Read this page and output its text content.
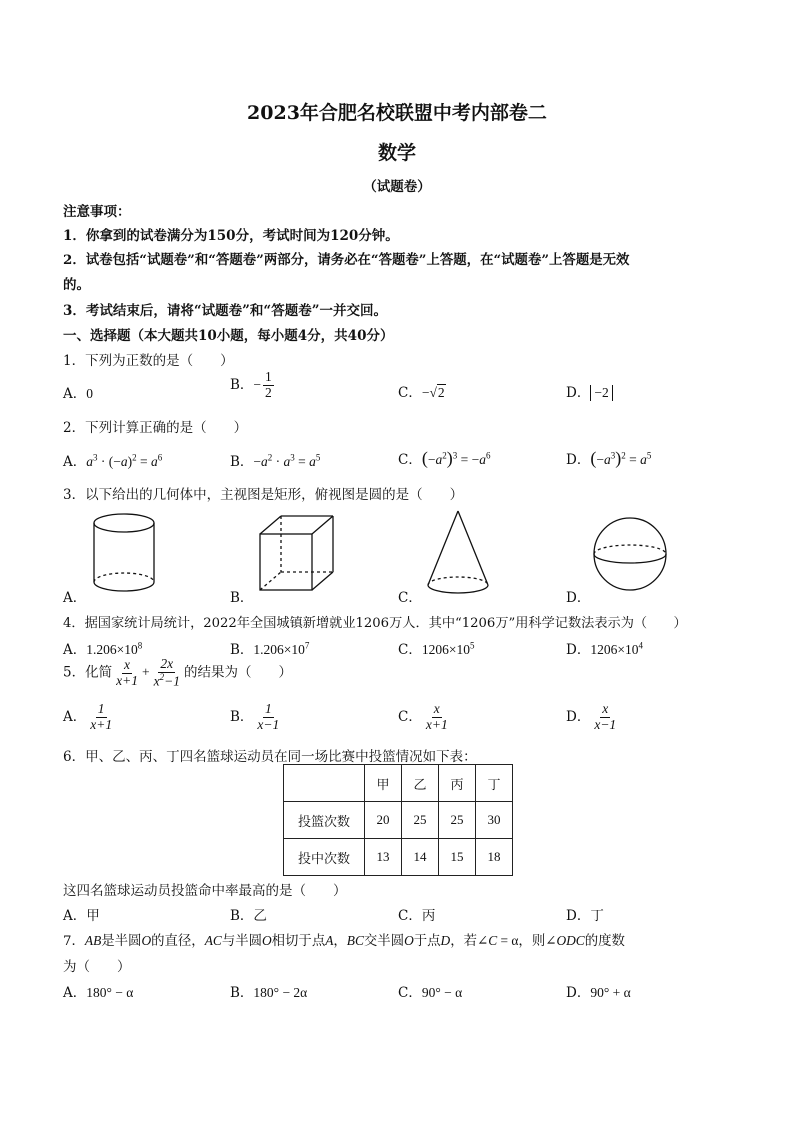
2023年合肥名校联盟中考内部卷二
数学
（试题卷）
注意事项：
1．你拿到的试卷满分为150分，考试时间为120分钟。
2．试卷包括“试题卷”和“答题卷”两部分，请务必在“答题卷”上答题，在“试题卷”上答题是无效
的。
3．考试结束后，请将“试题卷”和“答题卷”一并交回。
一、选择题（本大题共10小题，每小题4分，共40分）
1．下列为正数的是（　　）
A．0
B．− $\frac{1}{2}$	C．−√2	D． −2
2．下列计算正确的是（　　）
A．$a^3 \cdot (-a)^2 = a^6$	B．$-a^2 \cdot a^3 = a^5$	C．$(-a^2)^3 = -a^6$	D．$(-a^3)^2 = a^5$
3．以下给出的几何体中，主视图是矩形，俯视图是圆的是（　　）
A．	B．	C．	D．
4．据国家统计局统计，2022年全国城镇新增就业1206万人．其中“1206万”用科学记数法表示为（　　）
A．$1.206\times 10^8$	B．$1.206\times 10^7$	C．$1206\times 10^5$	D．$1206\times 10^4$
5．化简 $\frac{x}{x+1} + \frac{2x}{x^2-1}$ 的结果为（　　）
A． $\frac{1}{x+1}$	B． $\frac{1}{x-1}$	C． $\frac{x}{x+1}$	D． $\frac{x}{x-1}$
6．甲、乙、丙、丁四名篮球运动员在同一场比赛中投篮情况如下表：
	甲	乙	丙	丁
投篮次数	20	25	25	30
投中次数	13	14	15	18
这四名篮球运动员投篮命中率最高的是（　　）
A．甲	B．乙	C．丙	D．丁
7．AB是半圆O的直径，AC与半圆O相切于点A，BC交半圆O于点D，若∠C = α，则∠ODC的度数
为（　　）
A．180° − α	B．180° − 2α	C．90° − α	D．90° + α
